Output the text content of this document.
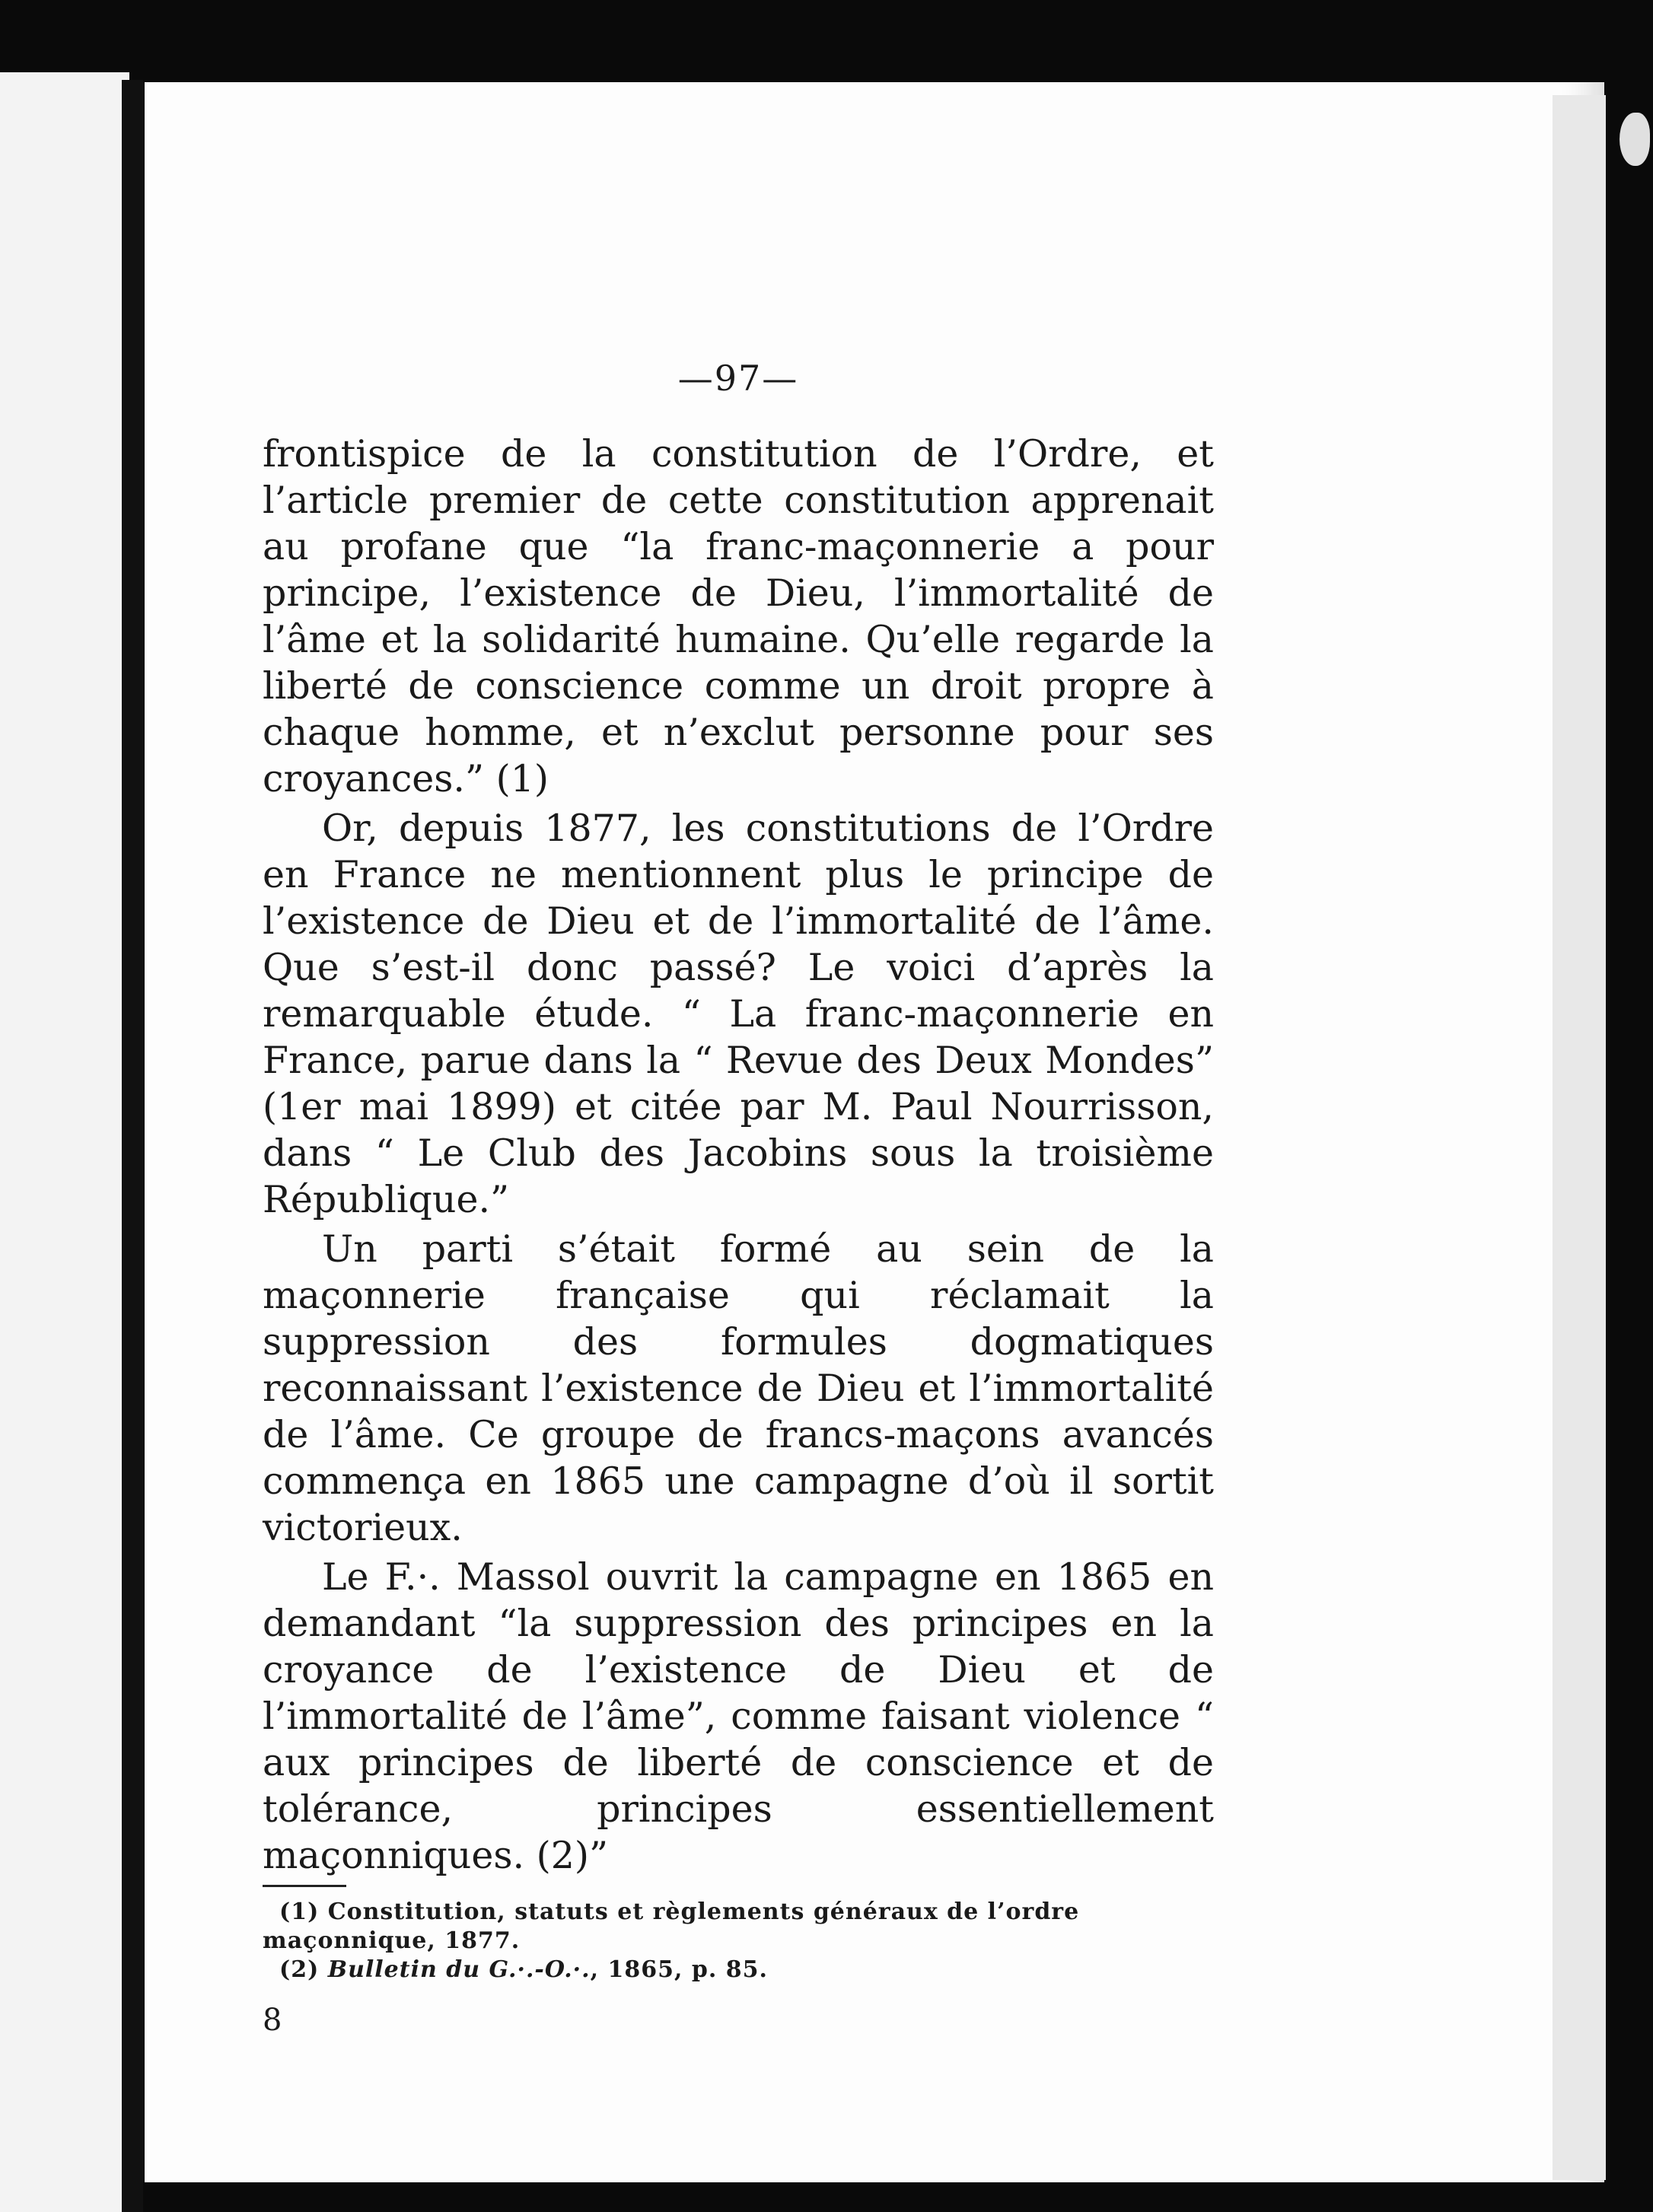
—97—

frontispice de la constitution de l’Ordre, et l’article premier de cette constitution apprenait au profane que “la franc-maçonnerie a pour principe, l’existence de Dieu, l’immortalité de l’âme et la solidarité humaine. Qu’elle regarde la liberté de conscience comme un droit propre à chaque homme, et n’exclut personne pour ses croyances.” (1)

Or, depuis 1877, les constitutions de l’Ordre en France ne mentionnent plus le principe de l’existence de Dieu et de l’immortalité de l’âme. Que s’est-il donc passé? Le voici d’après la remarquable étude. “ La franc-maçonnerie en France, parue dans la “ Revue des Deux Mondes” (1er mai 1899) et citée par M. Paul Nourrisson, dans “ Le Club des Jacobins sous la troisième République.”

Un parti s’était formé au sein de la maçonnerie française qui réclamait la suppression des formules dogmatiques reconnaissant l’existence de Dieu et l’immortalité de l’âme. Ce groupe de francs-maçons avancés commença en 1865 une campagne d’où il sortit victorieux.

Le F.·. Massol ouvrit la campagne en 1865 en demandant “la suppression des principes en la croyance de l’existence de Dieu et de l’immortalité de l’âme”, comme faisant violence “ aux principes de liberté de conscience et de tolérance, principes essentiellement maçonniques. (2)”

(1) Constitution, statuts et règlements généraux de l’ordre maçonnique, 1877.

(2) Bulletin du G.·.-O.·., 1865, p. 85.

8
